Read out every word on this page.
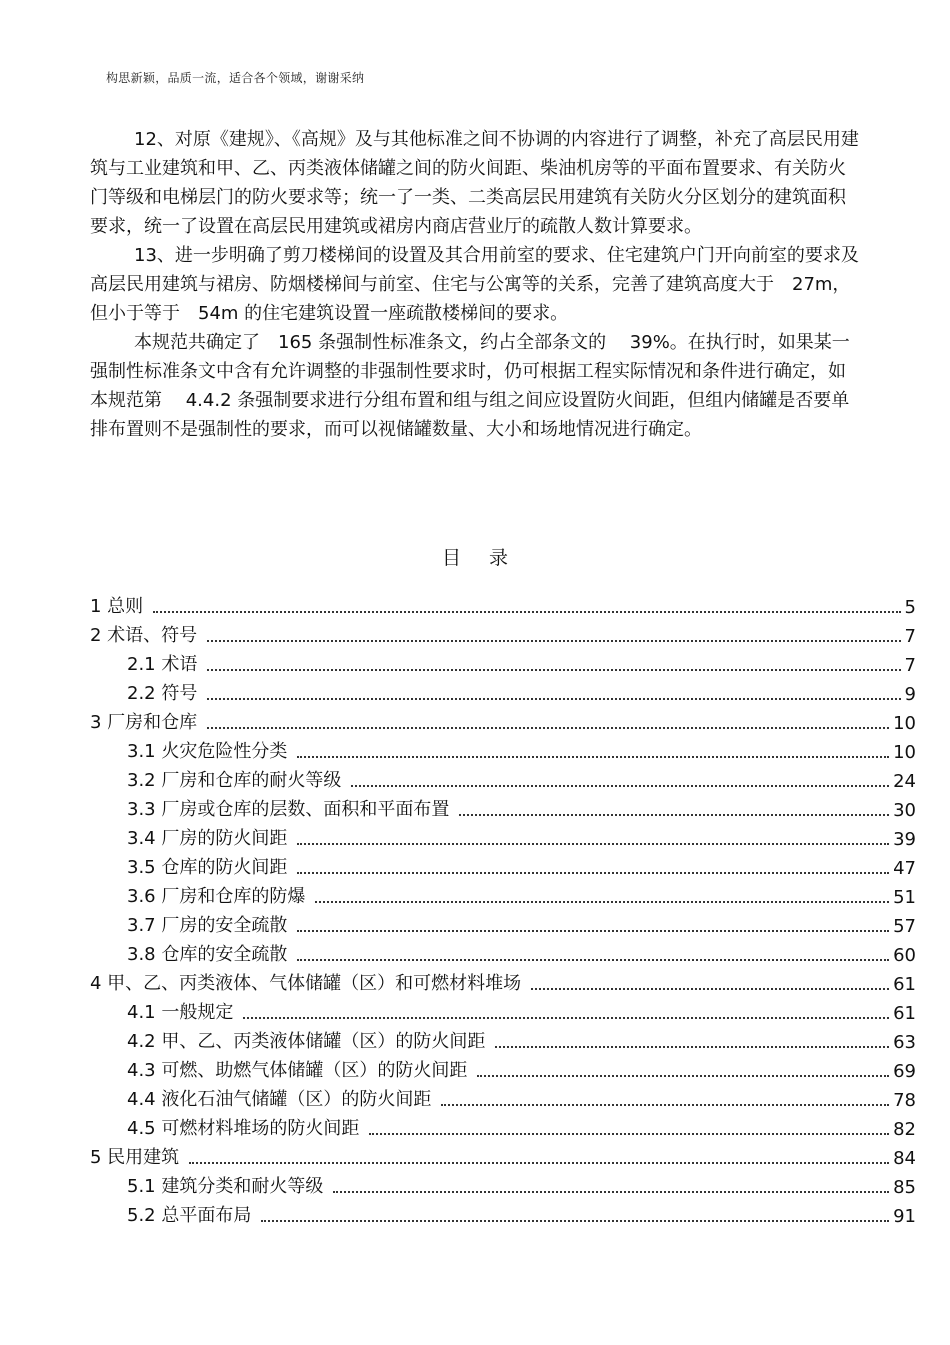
构思新颖，品质一流，适合各个领域，谢谢采纳

12、对原《建规》、《高规》及与其他标准之间不协调的内容进行了调整，补充了高层民用建筑与工业建筑和甲、乙、丙类液体储罐之间的防火间距、柴油机房等的平面布置要求、有关防火门等级和电梯层门的防火要求等；统一了一类、二类高层民用建筑有关防火分区划分的建筑面积要求，统一了设置在高层民用建筑或裙房内商店营业厅的疏散人数计算要求。

13、进一步明确了剪刀楼梯间的设置及其合用前室的要求、住宅建筑户门开向前室的要求及高层民用建筑与裙房、防烟楼梯间与前室、住宅与公寓等的关系，完善了建筑高度大于　27m，但小于等于　54m 的住宅建筑设置一座疏散楼梯间的要求。

本规范共确定了　165 条强制性标准条文，约占全部条文的　 39%。在执行时，如果某一强制性标准条文中含有允许调整的非强制性要求时，仍可根据工程实际情况和条件进行确定，如本规范第　 4.4.2 条强制要求进行分组布置和组与组之间应设置防火间距，但组内储罐是否要单排布置则不是强制性的要求，而可以视储罐数量、大小和场地情况进行确定。

目录
1 总则	5
2 术语、符号	7
2.1 术语	7
2.2 符号	9
3 厂房和仓库	10
3.1 火灾危险性分类	10
3.2 厂房和仓库的耐火等级	24
3.3 厂房或仓库的层数、面积和平面布置	30
3.4 厂房的防火间距	39
3.5 仓库的防火间距	47
3.6 厂房和仓库的防爆	51
3.7 厂房的安全疏散	57
3.8 仓库的安全疏散	60
4 甲、乙、丙类液体、气体储罐（区）和可燃材料堆场	61
4.1 一般规定	61
4.2 甲、乙、丙类液体储罐（区）的防火间距	63
4.3 可燃、助燃气体储罐（区）的防火间距	69
4.4 液化石油气储罐（区）的防火间距	78
4.5 可燃材料堆场的防火间距	82
5 民用建筑	84
5.1 建筑分类和耐火等级	85
5.2 总平面布局	91
